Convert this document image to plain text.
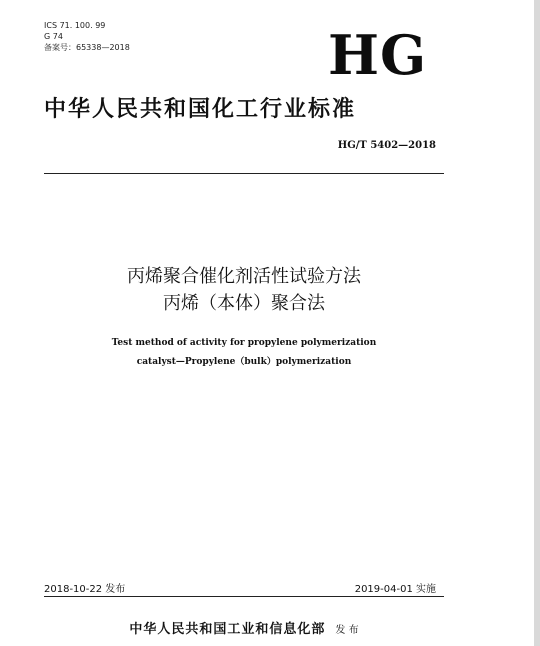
ICS 71. 100. 99
G 74
备案号：65338—2018	HG
中华人民共和国化工行业标准
HG/T 5402—2018
丙烯聚合催化剂活性试验方法
丙烯（本体）聚合法
Test method of activity for propylene polymerization
catalyst—Propylene（bulk）polymerization
2018-10-22 发布	2019-04-01 实施
中华人民共和国工业和信息化部 发 布
